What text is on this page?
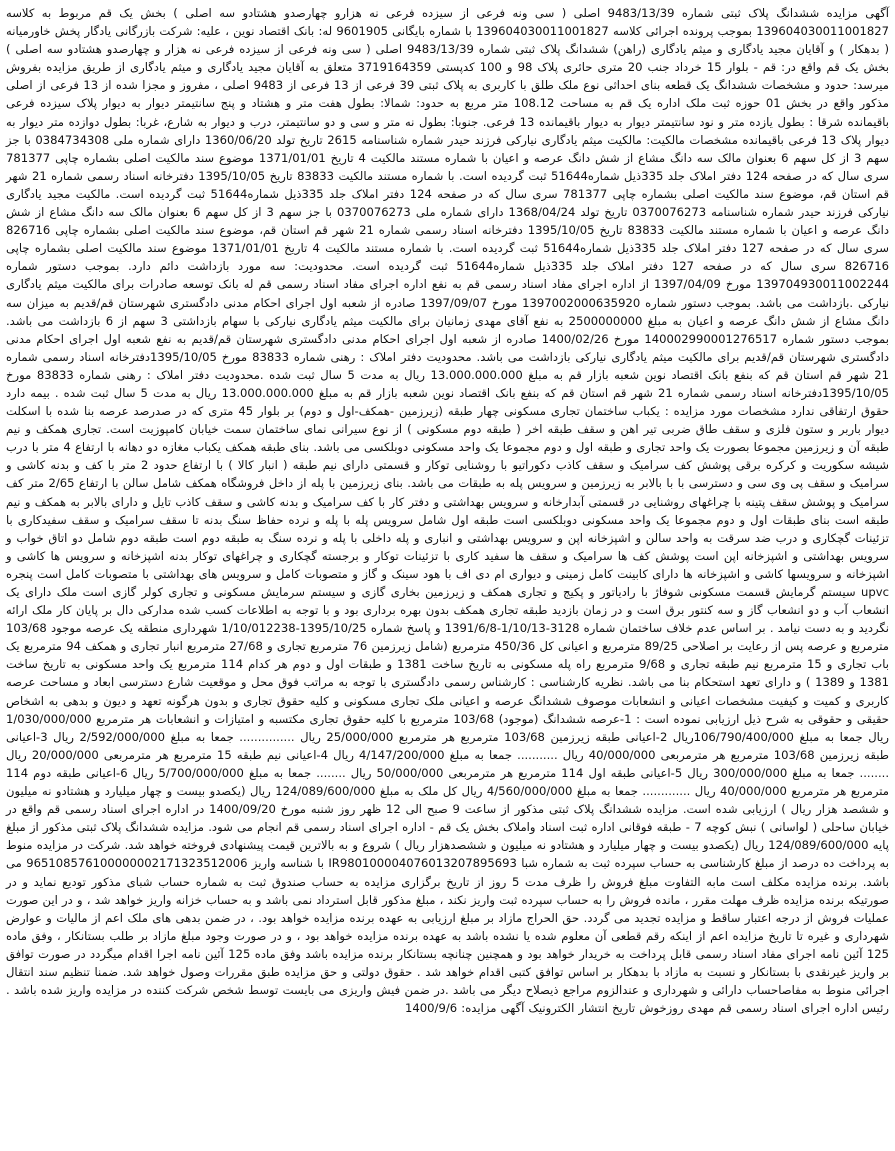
آگهی مزایده ششدانگ پلاک ثبتی شماره 9483/13/39 اصلی ( سی ونه فرعی از سیزده فرعی نه هزارو چهارصدو هشتادو سه اصلی ) بخش یک قم مربوط به کلاسه 139604030011001827 بموجب پرونده اجرائی کلاسه 139604030011001827 با شماره بایگانی 9601905 له: بانک اقتصاد نوین ، علیه: شرکت بازرگانی یادگار پخش خاورمیانه ( بدهکار ) و آقایان مجید یادگاری و میثم یادگاری (راهن) ششدانگ پلاک ثبتی شماره 9483/13/39 اصلی ( سی ونه فرعی از سیزده فرعی نه هزار و چهارصدو هشتادو سه اصلی ) بخش یک قم واقع در: قم - بلوار 15 خرداد جنب 20 متری حائری پلاک 98 و 100 کدپستی 3719164359 متعلق به آقایان مجید یادگاری و میثم یادگاری از طریق مزایده بفروش میرسد: حدود و مشخصات ششدانگ یک قطعه بنای احداثی نوع ملک طلق با کاربری به پلاک ثبتی 39 فرعی از 13 فرعی از 9483 اصلی ، مفروز و مجزا شده از 13 فرعی از اصلی مذکور واقع در بخش 01 حوزه ثبت ملک اداره یک قم به مساحت 108.12 متر مربع به حدود: شمالا: بطول هفت متر و هشتاد و پنج سانتیمتر دیوار به دیوار پلاک سیزده فرعی باقیمانده شرقا : بطول یازده متر و نود سانتیمتر دیوار به دیوار باقیمانده 13 فرعی. جنوبا: بطول نه متر و سی و دو سانتیمتر، درب و دیوار به شارع، غربا: بطول دوازده متر دیوار به دیوار پلاک 13 فرعی باقیمانده مشخصات مالکیت: مالکیت میثم یادگاری نیارکی فرزند حیدر شماره شناسنامه 2615 تاریخ تولد 1360/06/20 دارای شماره ملی 0384734308 با جز سهم 3 از کل سهم 6 بعنوان مالک سه دانگ مشاع از شش دانگ عرصه و اعیان با شماره مستند مالکیت 4 تاریخ 1371/01/01 موضوع سند مالکیت اصلی بشماره چاپی 781377 سری سال که در صفحه 124 دفتر املاک جلد 335ذیل شماره51644 ثبت گردیده است. با شماره مستند مالکیت 83833 تاریخ 1395/10/05 دفترخانه اسناد رسمی شماره 21 شهر قم استان قم، موضوع سند مالکیت اصلی بشماره چاپی 781377 سری سال که در صفحه 124 دفتر املاک جلد 335ذیل شماره51644 ثبت گردیده است. مالکیت مجید یادگاری نیارکی فرزند حیدر شماره شناسنامه 0370076273 تاریخ تولد 1368/04/24 دارای شماره ملی 0370076273 با جز سهم 3 از کل سهم 6 بعنوان مالک سه دانگ مشاع از شش دانگ عرصه و اعیان با شماره مستند مالکیت 83833 تاریخ 1395/10/05 دفترخانه اسناد رسمی شماره 21 شهر قم استان قم، موضوع سند مالکیت اصلی بشماره چاپی 826716 سری سال که در صفحه 127 دفتر املاک جلد 335ذیل شماره51644 ثبت گردیده است. با شماره مستند مالکیت 4 تاریخ 1371/01/01 موضوع سند مالکیت اصلی بشماره چاپی 826716 سری سال که در صفحه 127 دفتر املاک جلد 335ذیل شماره51644 ثبت گردیده است. محدودیت: سه مورد بازداشت دائم دارد. بموجب دستور شماره 139704930011002244 مورخ 1397/04/09 از اداره اجرای مفاد اسناد رسمی قم به نفع اداره اجرای مفاد اسناد رسمی قم له بانک توسعه صادرات برای مالکیت میثم یادگاری نیارکی .بازداشت می باشد. بموجب دستور شماره 1397002000635920 مورخ 1397/09/07 صادره از شعبه اول اجرای احکام مدنی دادگستری شهرستان قم/قدیم به میزان سه دانگ مشاع از شش دانگ عرصه و اعیان به مبلغ 2500000000 به نفع آقای مهدی زمانیان برای مالکیت میثم یادگاری نیارکی با سهام بازداشتی 3 سهم از 6 بازداشت می باشد. بموجب دستور شماره 140002990001276517 مورخ 1400/02/26 صادره از شعبه اول اجرای احکام مدنی دادگستری شهرستان قم/قدیم به نفع شعبه اول اجرای احکام مدنی دادگستری شهرستان قم/قدیم برای مالکیت میثم یادگاری نیارکی بازداشت می باشد. محدودیت دفتر املاک : رهنی شماره 83833 مورخ 1395/10/05دفترخانه اسناد رسمی شماره 21 شهر قم استان قم که بنفع بانک اقتصاد نوین شعبه بازار قم به مبلغ 13.000.000.000 ریال به مدت 5 سال ثبت شده .محدودیت دفتر املاک : رهنی شماره 83833 مورخ 1395/10/05دفترخانه اسناد رسمی شماره 21 شهر قم استان قم که بنفع بانک اقتصاد نوین شعبه بازار قم به مبلغ 13.000.000.000 ریال به مدت 5 سال ثبت شده . بیمه دارد حقوق ارتفاقی ندارد مشخصات مورد مزایده : یکباب ساختمان تجاری مسکونی چهار طبقه (زیرزمین -همکف-اول و دوم) بر بلوار 45 متری که در صدرصد عرصه بنا شده با اسکلت دیوار باربر و ستون فلزی و سقف طاق ضربی تیر اهن و سقف طبقه اخر ( طبقه دوم مسکونی ) از نوع سیرانی نمای ساختمان سمت خیابان کامپوزیت است. تجاری همکف و نیم طبقه آن و زیرزمین مجموعا بصورت یک واحد تجاری و طبقه اول و دوم مجموعا یک واحد مسکونی دوبلکسی می باشد. بنای طبقه همکف یکباب مغازه دو دهانه با ارتفاع 4 متر با درب شیشه سکوریت و کرکره برقی پوشش کف سرامیک و سقف کاذب دکوراتیو با روشنایی توکار و قسمتی دارای نیم طبقه ( انبار کالا ) با ارتفاع حدود 2 متر با کف و بدنه کاشی و سرامیک و سقف پی وی سی و دسترسی با با بالابر به زیرزمین و سرویس پله به طبقات می باشد. بنای زیرزمین با پله از داخل فروشگاه همکف شامل سالن با ارتفاع 2/65 متر کف سرامیک و پوشش سقف پتینه با چراغهای روشنایی در قسمتی آبدارخانه و سرویس بهداشتی و دفتر کار با کف سرامیک و بدنه کاشی و سقف کاذب تایل و دارای بالابر به همکف و نیم طبقه است بنای طبقات اول و دوم مجموعا یک واحد مسکونی دوبلکسی است طبقه اول شامل سرویس پله با پله و نرده حفاظ سنگ بدنه تا سقف سرامیک و سقف سفیدکاری با تزئینات گچکاری و درب ضد سرقت به واحد سالن و اشپزخانه اپن و سرویس بهداشتی و انباری و پله داخلی با پله و نرده سنگ به طبقه دوم است طبقه دوم شامل دو اتاق خواب و سرویس بهداشتی و اشپزخانه اپن است پوشش کف ها سرامیک و سقف ها سفید کاری با تزئینات توکار و برجسته گچکاری و چراغهای توکار بدنه اشپزخانه و سرویس ها کاشی و اشپزخانه و سرویسها کاشی و اشپزخانه ها دارای کابینت کامل زمینی و دیواری ام دی اف با هود سینک و گاز و متصوبات کامل و سرویس های بهداشتی با متصوبات کامل است پنجره upvc سیستم گرمایش قسمت مسکونی شوفاژ با رادیاتور و پکیج و تجاری همکف و زیرزمین بخاری گازی و سیستم سرمایش مسکونی و تجاری کولر گازی است ملک دارای یک انشعاب آب و دو انشعاب گاز و سه کنتور برق است و در زمان بازدید طبقه تجاری همکف بدون بهره برداری بود و با توجه به اطلاعات کسب شده مدارکی دال بر پایان کار ملک ارائه نگردید و به دست نیامد . بر اساس عدم خلاف ساختمان شماره 3128-1/10/13-1391/6/8 و پاسخ شماره 1395/10/25-1/10/012238 شهرداری منطقه یک عرصه موجود 103/68 مترمربع و عرصه پس از رعایت بر اصلاحی 89/25 مترمربع و اعیانی کل 450/36 مترمربع (شامل زیرزمین 76 مترمربع تجاری و 27/68 مترمربع انبار تجاری و همکف 94 مترمربع یک باب تجاری و 15 مترمربع نیم طبقه تجاری و 9/68 مترمربع راه پله مسکونی به تاریخ ساخت 1381 و طبقات اول و دوم هر کدام 114 مترمربع یک واحد مسکونی به تاریخ ساخت 1381 و 1389 ) و دارای تعهد استحکام بنا می باشد. نظریه کارشناسی : کارشناس رسمی دادگستری با توجه به مراتب فوق محل و موقعیت شارع دسترسی ابعاد و مساحت عرصه کاربری و کمیت و کیفیت مشخصات اعیانی و انشعابات موصوف ششدانگ عرصه و اعیانی ملک تجاری مسکونی و کلیه حقوق تجاری و بدون هرگونه تعهد و دیون و بدهی به اشخاص حقیقی و حقوقی به شرح ذیل ارزیابی نموده است : 1-عرصه ششدانگ (موجود) 103/68 مترمربع با کلیه حقوق تجاری مکتسبه و امتیازات و انشعابات هر مترمربع 1/030/000/000 ریال جمعا به مبلغ 106/790/400/000ریال 2-اعیانی طبقه زیرزمین 103/68 مترمربع هر مترمربع 25/000/000 ریال ............... جمعا به مبلغ 2/592/000/000 ریال 3-اعیانی طبقه زیرزمین 103/68 مترمربع هر مترمربعی 40/000/000 ریال ........... جمعا به مبلغ 4/147/200/000 ریال 4-اعیانی نیم طبقه 15 مترمربع هر مترمربعی 20/000/000 ریال ........ جمعا به مبلغ 300/000/000 ریال 5-اعیانی طبقه اول 114 مترمربع هر مترمربعی 50/000/000 ریال ........ جمعا به مبلغ 5/700/000/000 ریال 6-اعیانی طبقه دوم 114 مترمربع هر مترمربع 40/000/000 ریال ............. جمعا به مبلغ 4/560/000/000 ریال کل ملک به مبلغ 124/089/600/000 ریال (یکصدو بیست و چهار میلیارد و هشتادو نه میلیون و ششصد هزار ریال ) ارزیابی شده است. مزایده ششدانگ پلاک ثبتی مذکور از ساعت 9 صبح الی 12 ظهر روز شنبه مورخ 1400/09/20 در اداره اجرای اسناد رسمی قم واقع در خیابان ساحلی ( لواسانی ) نبش کوچه 7 - طبقه فوقانی اداره ثبت اسناد واملاک بخش یک قم - اداره اجرای اسناد رسمی قم انجام می شود. مزایده ششدانگ پلاک ثبتی مذکور از مبلغ پایه 124/089/600/000 ریال (یکصدو بیست و چهار میلیارد و هشتادو نه میلیون و ششصدهزار ریال ) شروع و به بالاترین قیمت پیشنهادی فروخته خواهد شد. شرکت در مزایده منوط به پرداخت ده درصد از مبلغ کارشناسی به حساب سپرده ثبت به شماره شبا IR980100004076013207895693 با شناسه واریز 965108576100000002171323512006 می باشد. برنده مزایده مکلف است مابه التفاوت مبلغ فروش را ظرف مدت 5 روز از تاریخ برگزاری مزایده به حساب صندوق ثبت به شماره حساب شبای مذکور تودیع نماید و در صورتیکه برنده مزایده ظرف مهلت مقرر ، مانده فروش را به حساب سپرده ثبت واریز نکند ، مبلغ مذکور قابل استرداد نمی باشد و به حساب خزانه واریز خواهد شد ، و در این صورت عملیات فروش از درجه اعتبار ساقط و مزایده تجدید می گردد. حق الحراج مازاد بر مبلغ ارزیابی به عهده برنده مزایده خواهد بود. ، در ضمن بدهی های ملک اعم از مالیات و عوارض شهرداری و غیره تا تاریخ مزایده اعم از اینکه رقم قطعی آن معلوم شده یا نشده باشد به عهده برنده مزایده خواهد بود ، و در صورت وجود مبلغ مازاد بر طلب بستانکار ، وفق ماده 125 آئین نامه اجرای مفاد اسناد رسمی قابل پرداخت به خریدار خواهد بود و همچنین چنانچه بستانکار برنده مزایده باشد وفق ماده 125 آئین نامه اجرا اقدام میگردد در صورت توافق بر واریز غیرنقدی با بستانکار و نسبت به مازاد با بدهکار بر اساس توافق کتبی اقدام خواهد شد . حقوق دولتی و حق مزایده طبق مقررات وصول خواهد شد. ضمنا تنظیم سند انتقال اجرائی منوط به مفاصاحساب دارائی و شهرداری و عندالزوم مراجع ذیصلاح دیگر می باشد .در ضمن فیش واریزی می بایست توسط شخص شرکت کننده در مزایده واریز شده باشد . رئیس اداره اجرای اسناد رسمی قم مهدی روزخوش تاریخ انتشار الکترونیک آگهی مزایده: 1400/9/6
